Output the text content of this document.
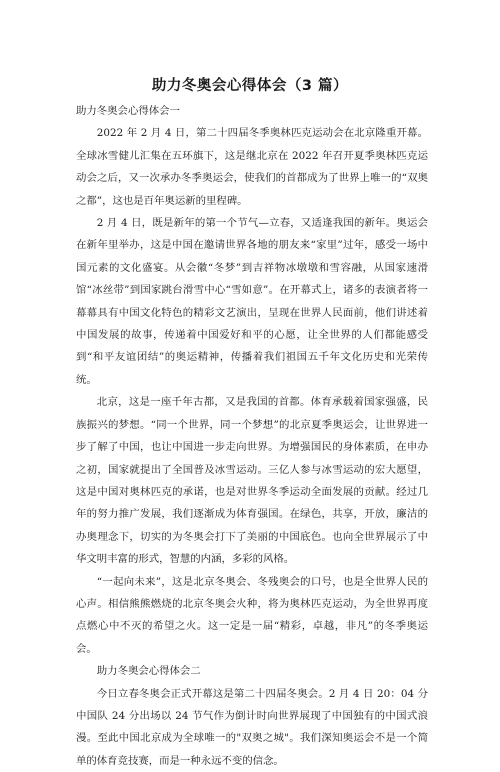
助力冬奥会心得体会（3 篇）

助力冬奥会心得体会一

2022 年 2 月 4 日，第二十四届冬季奥林匹克运动会在北京隆重开幕。全球冰雪健儿汇集在五环旗下，这是继北京在 2022 年召开夏季奥林匹克运动会之后，又一次承办冬季奥运会，使我们的首都成为了世界上唯一的“双奥之都”，这也是百年奥运新的里程碑。

2 月 4 日，既是新年的第一个节气—立春，又适逢我国的新年。奥运会在新年里举办，这是中国在邀请世界各地的朋友来“家里”过年，感受一场中国元素的文化盛宴。从会徽“冬梦”到吉祥物冰墩墩和雪容融，从国家速滑馆“冰丝带”到国家跳台滑雪中心“雪如意”。在开幕式上，诸多的表演者将一幕幕具有中国文化特色的精彩文艺演出，呈现在世界人民面前，他们讲述着中国发展的故事，传递着中国爱好和平的心愿，让全世界的人们都能感受到“和平友谊团结”的奥运精神，传播着我们祖国五千年文化历史和光荣传统。

北京，这是一座千年古都，又是我国的首都。体育承载着国家强盛，民族振兴的梦想。“同一个世界，同一个梦想”的北京夏季奥运会，让世界进一步了解了中国，也让中国进一步走向世界。为增强国民的身体素质，在申办之初，国家就提出了全国普及冰雪运动。三亿人参与冰雪运动的宏大愿望，这是中国对奥林匹克的承诺，也是对世界冬季运动全面发展的贡献。经过几年的努力推广发展，我们逐渐成为体育强国。在绿色，共享，开放，廉洁的办奥理念下，切实的为冬奥会打下了美丽的中国底色。也向全世界展示了中华文明丰富的形式，智慧的内涵，多彩的风格。

“一起向未来”，这是北京冬奥会、冬残奥会的口号，也是全世界人民的心声。相信熊熊燃烧的北京冬奥会火种，将为奥林匹克运动，为全世界再度点燃心中不灭的希望之火。这一定是一届“精彩，卓越，非凡”的冬季奥运会。

助力冬奥会心得体会二

今日立春冬奥会正式开幕这是第二十四届冬奥会。2 月 4 日 20：04 分中国队 24 分出场以 24 节气作为倒计时向世界展现了中国独有的中国式浪漫。至此中国北京成为全球唯一的"双奥之城"。我们深知奥运会不是一个简单的体育竞技赛，而是一种永远不变的信念。
